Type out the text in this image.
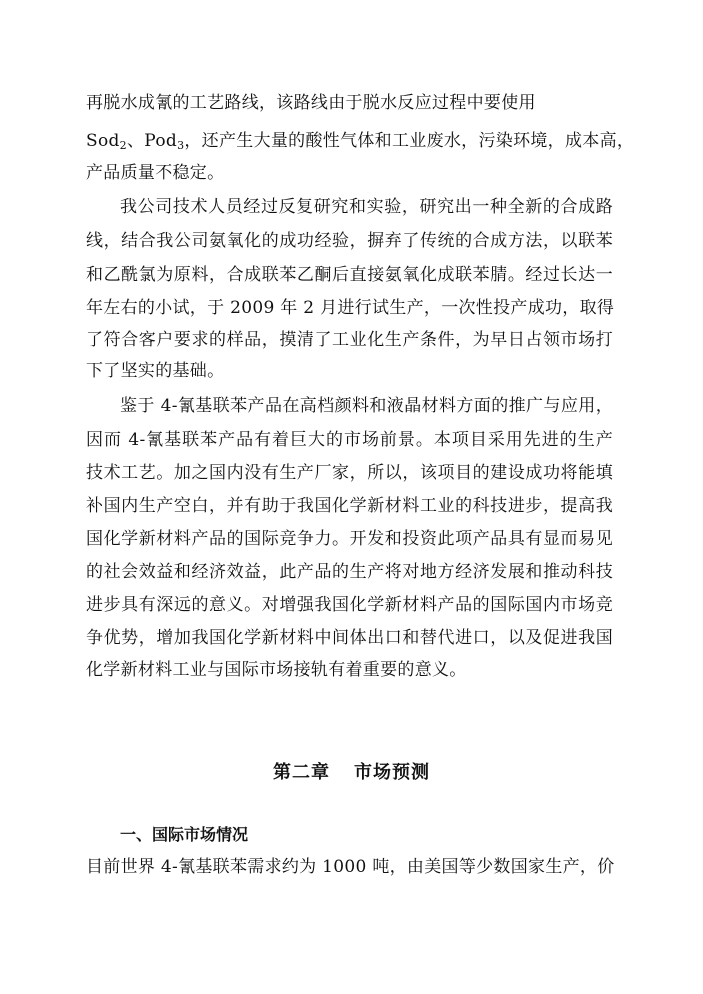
再脱水成氰的工艺路线，该路线由于脱水反应过程中要使用
Sod$_2$、Pod$_3$，还产生大量的酸性气体和工业废水，污染环境，成本高，
产品质量不稳定。
我公司技术人员经过反复研究和实验，研究出一种全新的合成路
线，结合我公司氨氧化的成功经验，摒弃了传统的合成方法，以联苯
和乙酰氯为原料，合成联苯乙酮后直接氨氧化成联苯腈。经过长达一
年左右的小试，于 2009 年 2 月进行试生产，一次性投产成功，取得
了符合客户要求的样品，摸清了工业化生产条件，为早日占领市场打
下了坚实的基础。
鉴于 4-氰基联苯产品在高档颜料和液晶材料方面的推广与应用，
因而 4-氰基联苯产品有着巨大的市场前景。本项目采用先进的生产
技术工艺。加之国内没有生产厂家，所以，该项目的建设成功将能填
补国内生产空白，并有助于我国化学新材料工业的科技进步，提高我
国化学新材料产品的国际竞争力。开发和投资此项产品具有显而易见
的社会效益和经济效益，此产品的生产将对地方经济发展和推动科技
进步具有深远的意义。对增强我国化学新材料产品的国际国内市场竞
争优势，增加我国化学新材料中间体出口和替代进口，以及促进我国
化学新材料工业与国际市场接轨有着重要的意义。
第二章 市场预测
一、国际市场情况
目前世界 4-氰基联苯需求约为 1000 吨，由美国等少数国家生产，价
